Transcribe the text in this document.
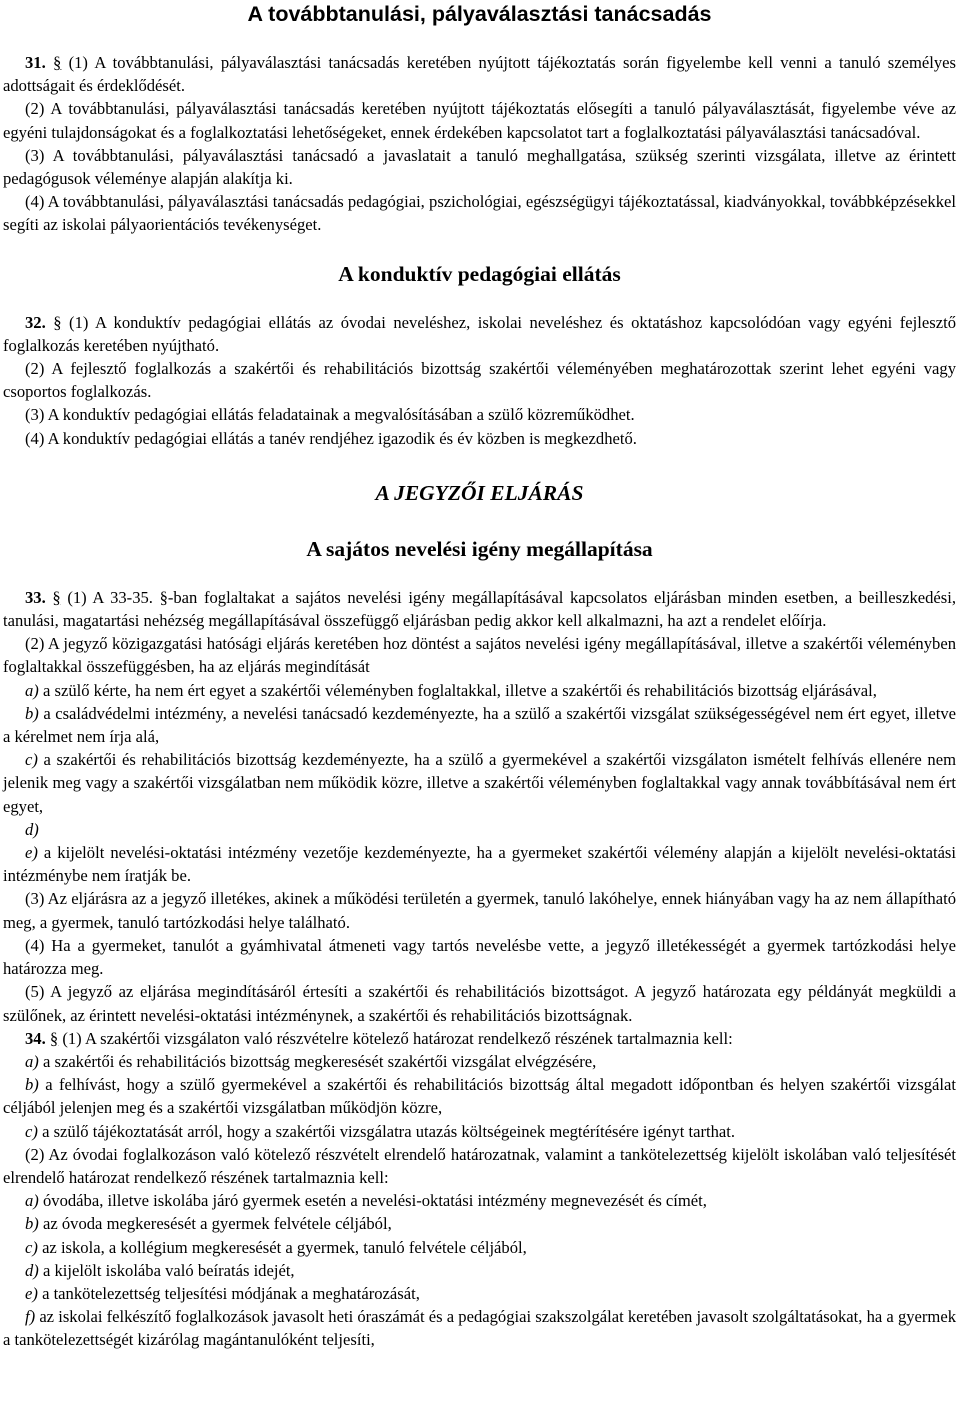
A továbbtanulási, pályaválasztási tanácsadás

31. § (1) A továbbtanulási, pályaválasztási tanácsadás keretében nyújtott tájékoztatás során figyelembe kell venni a tanuló személyes adottságait és érdeklődését.

(2) A továbbtanulási, pályaválasztási tanácsadás keretében nyújtott tájékoztatás elősegíti a tanuló pályaválasztását, figyelembe véve az egyéni tulajdonságokat és a foglalkoztatási lehetőségeket, ennek érdekében kapcsolatot tart a foglalkoztatási pályaválasztási tanácsadóval.

(3) A továbbtanulási, pályaválasztási tanácsadó a javaslatait a tanuló meghallgatása, szükség szerinti vizsgálata, illetve az érintett pedagógusok véleménye alapján alakítja ki.

(4) A továbbtanulási, pályaválasztási tanácsadás pedagógiai, pszichológiai, egészségügyi tájékoztatással, kiadványokkal, továbbképzésekkel segíti az iskolai pályaorientációs tevékenységet.

A konduktív pedagógiai ellátás

32. § (1) A konduktív pedagógiai ellátás az óvodai neveléshez, iskolai neveléshez és oktatáshoz kapcsolódóan vagy egyéni fejlesztő foglalkozás keretében nyújtható.

(2) A fejlesztő foglalkozás a szakértői és rehabilitációs bizottság szakértői véleményében meghatározottak szerint lehet egyéni vagy csoportos foglalkozás.

(3) A konduktív pedagógiai ellátás feladatainak a megvalósításában a szülő közreműködhet.

(4) A konduktív pedagógiai ellátás a tanév rendjéhez igazodik és év közben is megkezdhető.

A JEGYZŐI ELJÁRÁS
A sajátos nevelési igény megállapítása

33. § (1) A 33-35. §-ban foglaltakat a sajátos nevelési igény megállapításával kapcsolatos eljárásban minden esetben, a beilleszkedési, tanulási, magatartási nehézség megállapításával összefüggő eljárásban pedig akkor kell alkalmazni, ha azt a rendelet előírja.

(2) A jegyző közigazgatási hatósági eljárás keretében hoz döntést a sajátos nevelési igény megállapításával, illetve a szakértői véleményben foglaltakkal összefüggésben, ha az eljárás megindítását

a) a szülő kérte, ha nem ért egyet a szakértői véleményben foglaltakkal, illetve a szakértői és rehabilitációs bizottság eljárásával,

b) a családvédelmi intézmény, a nevelési tanácsadó kezdeményezte, ha a szülő a szakértői vizsgálat szükségességével nem ért egyet, illetve a kérelmet nem írja alá,

c) a szakértői és rehabilitációs bizottság kezdeményezte, ha a szülő a gyermekével a szakértői vizsgálaton ismételt felhívás ellenére nem jelenik meg vagy a szakértői vizsgálatban nem működik közre, illetve a szakértői véleményben foglaltakkal vagy annak továbbításával nem ért egyet,

d)

e) a kijelölt nevelési-oktatási intézmény vezetője kezdeményezte, ha a gyermeket szakértői vélemény alapján a kijelölt nevelési-oktatási intézménybe nem íratják be.

(3) Az eljárásra az a jegyző illetékes, akinek a működési területén a gyermek, tanuló lakóhelye, ennek hiányában vagy ha az nem állapítható meg, a gyermek, tanuló tartózkodási helye található.

(4) Ha a gyermeket, tanulót a gyámhivatal átmeneti vagy tartós nevelésbe vette, a jegyző illetékességét a gyermek tartózkodási helye határozza meg.

(5) A jegyző az eljárása megindításáról értesíti a szakértői és rehabilitációs bizottságot. A jegyző határozata egy példányát megküldi a szülőnek, az érintett nevelési-oktatási intézménynek, a szakértői és rehabilitációs bizottságnak.

34. § (1) A szakértői vizsgálaton való részvételre kötelező határozat rendelkező részének tartalmaznia kell:

a) a szakértői és rehabilitációs bizottság megkeresését szakértői vizsgálat elvégzésére,

b) a felhívást, hogy a szülő gyermekével a szakértői és rehabilitációs bizottság által megadott időpontban és helyen szakértői vizsgálat céljából jelenjen meg és a szakértői vizsgálatban működjön közre,

c) a szülő tájékoztatását arról, hogy a szakértői vizsgálatra utazás költségeinek megtérítésére igényt tarthat.

(2) Az óvodai foglalkozáson való kötelező részvételt elrendelő határozatnak, valamint a tankötelezettség kijelölt iskolában való teljesítését elrendelő határozat rendelkező részének tartalmaznia kell:

a) óvodába, illetve iskolába járó gyermek esetén a nevelési-oktatási intézmény megnevezését és címét,

b) az óvoda megkeresését a gyermek felvétele céljából,

c) az iskola, a kollégium megkeresését a gyermek, tanuló felvétele céljából,

d) a kijelölt iskolába való beíratás idejét,

e) a tankötelezettség teljesítési módjának a meghatározását,

f) az iskolai felkészítő foglalkozások javasolt heti óraszámát és a pedagógiai szakszolgálat keretében javasolt szolgáltatásokat, ha a gyermek a tankötelezettségét kizárólag magántanulóként teljesíti,
